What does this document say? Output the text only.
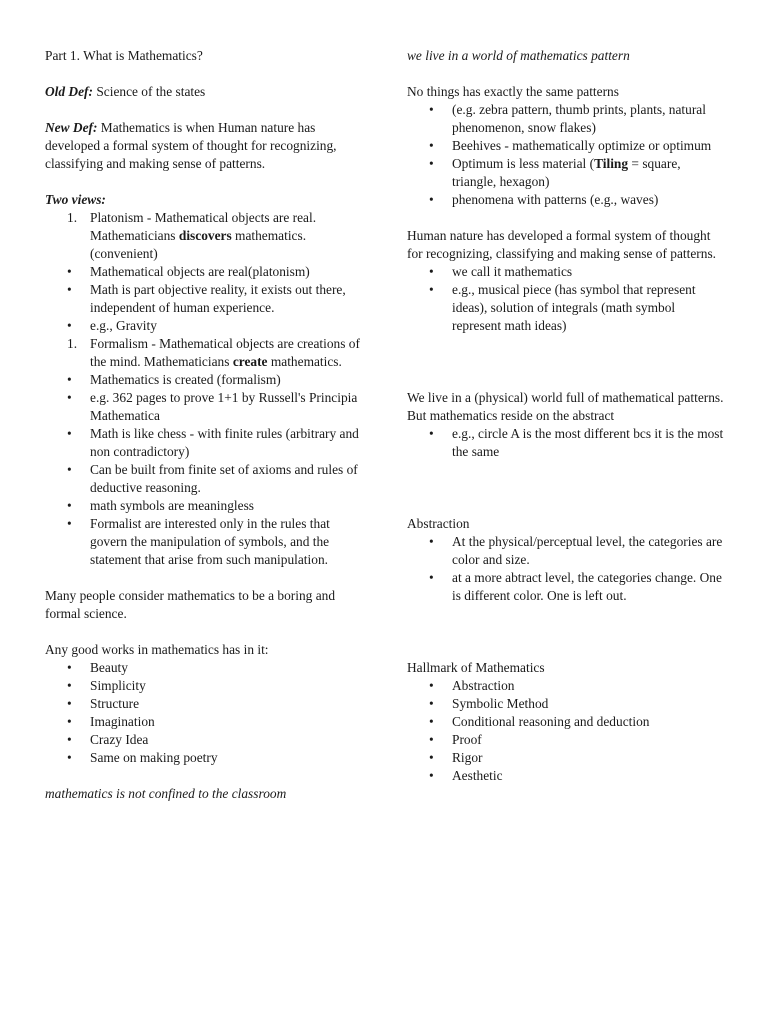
Part 1. What is Mathematics?

Old Def: Science of the states

New Def: Mathematics is when Human nature has developed a formal system of thought for recognizing, classifying and making sense of patterns.

Two views:

1. Platonism - Mathematical objects are real. Mathematicians discovers mathematics. (convenient)
• Mathematical objects are real(platonism)
• Math is part objective reality, it exists out there, independent of human experience.
• e.g., Gravity
1. Formalism - Mathematical objects are creations of the mind. Mathematicians create mathematics.
• Mathematics is created (formalism)
• e.g. 362 pages to prove 1+1 by Russell's Principia Mathematica
• Math is like chess - with finite rules (arbitrary and non contradictory)
• Can be built from finite set of axioms and rules of deductive reasoning.
• math symbols are meaningless
• Formalist are interested only in the rules that govern the manipulation of symbols, and the statement that arise from such manipulation.

Many people consider mathematics to be a boring and formal science.

Any good works in mathematics has in it:

• Beauty
• Simplicity
• Structure
• Imagination
• Crazy Idea
• Same on making poetry

mathematics is not confined to the classroom

we live in a world of mathematics pattern

No things has exactly the same patterns

• (e.g. zebra pattern, thumb prints, plants, natural phenomenon, snow flakes)
• Beehives - mathematically optimize or optimum
• Optimum is less material (Tiling = square, triangle, hexagon)
• phenomena with patterns (e.g., waves)

Human nature has developed a formal system of thought for recognizing, classifying and making sense of patterns.

• we call it mathematics
• e.g., musical piece (has symbol that represent ideas), solution of integrals (math symbol represent math ideas)

We live in a (physical) world full of mathematical patterns. But mathematics reside on the abstract

• e.g., circle A is the most different bcs it is the most the same

Abstraction

• At the physical/perceptual level, the categories are color and size.
• at a more abtract level, the categories change. One is different color. One is left out.

Hallmark of Mathematics

• Abstraction
• Symbolic Method
• Conditional reasoning and deduction
• Proof
• Rigor
• Aesthetic
